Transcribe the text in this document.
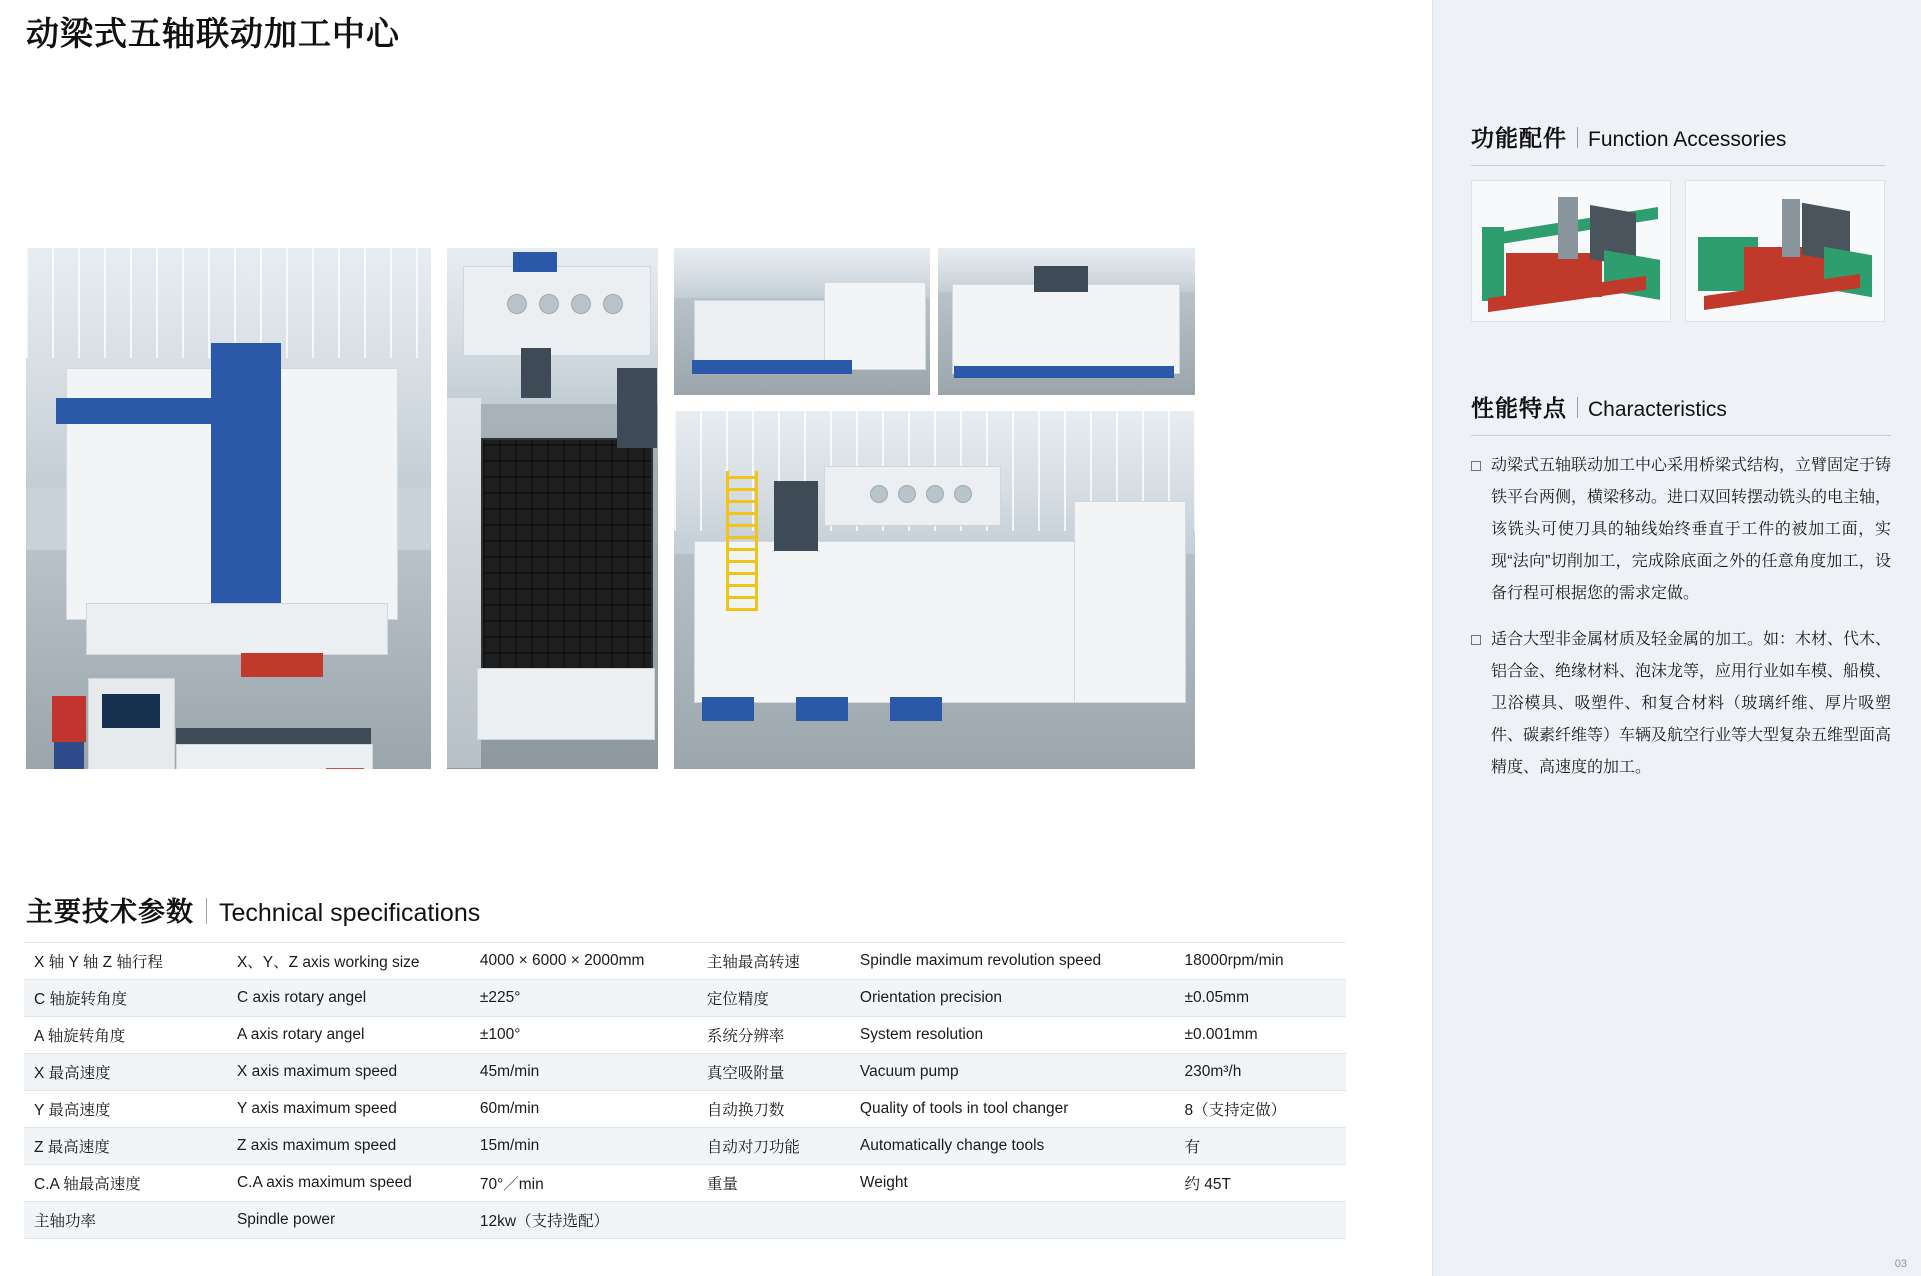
动梁式五轴联动加工中心
主要技术参数 Technical specifications
X 轴 Y 轴 Z 轴行程	X、Y、Z axis working size	4000 × 6000 × 2000mm	主轴最高转速	Spindle maximum revolution speed	18000rpm/min
C 轴旋转角度	C axis rotary angel	±225°	定位精度	Orientation precision	±0.05mm
A 轴旋转角度	A axis rotary angel	±100°	系统分辨率	System resolution	±0.001mm
X 最高速度	X axis maximum speed	45m/min	真空吸附量	Vacuum pump	230m³/h
Y 最高速度	Y axis maximum speed	60m/min	自动换刀数	Quality of tools in tool changer	8（支持定做）
Z 最高速度	Z axis maximum speed	15m/min	自动对刀功能	Automatically change tools	有
C.A 轴最高速度	C.A axis maximum speed	70°／min	重量	Weight	约 45T
主轴功率	Spindle power	12kw（支持选配）			
功能配件 Function Accessories
性能特点 Characteristics
动梁式五轴联动加工中心采用桥梁式结构，立臂固定于铸铁平台两侧，横梁移动。进口双回转摆动铣头的电主轴，该铣头可使刀具的轴线始终垂直于工件的被加工面，实现“法向”切削加工，完成除底面之外的任意角度加工，设备行程可根据您的需求定做。
适合大型非金属材质及轻金属的加工。如：木材、代木、铝合金、绝缘材料、泡沫龙等，应用行业如车模、船模、卫浴模具、吸塑件、和复合材料（玻璃纤维、厚片吸塑件、碳素纤维等）车辆及航空行业等大型复杂五维型面高精度、高速度的加工。
03
